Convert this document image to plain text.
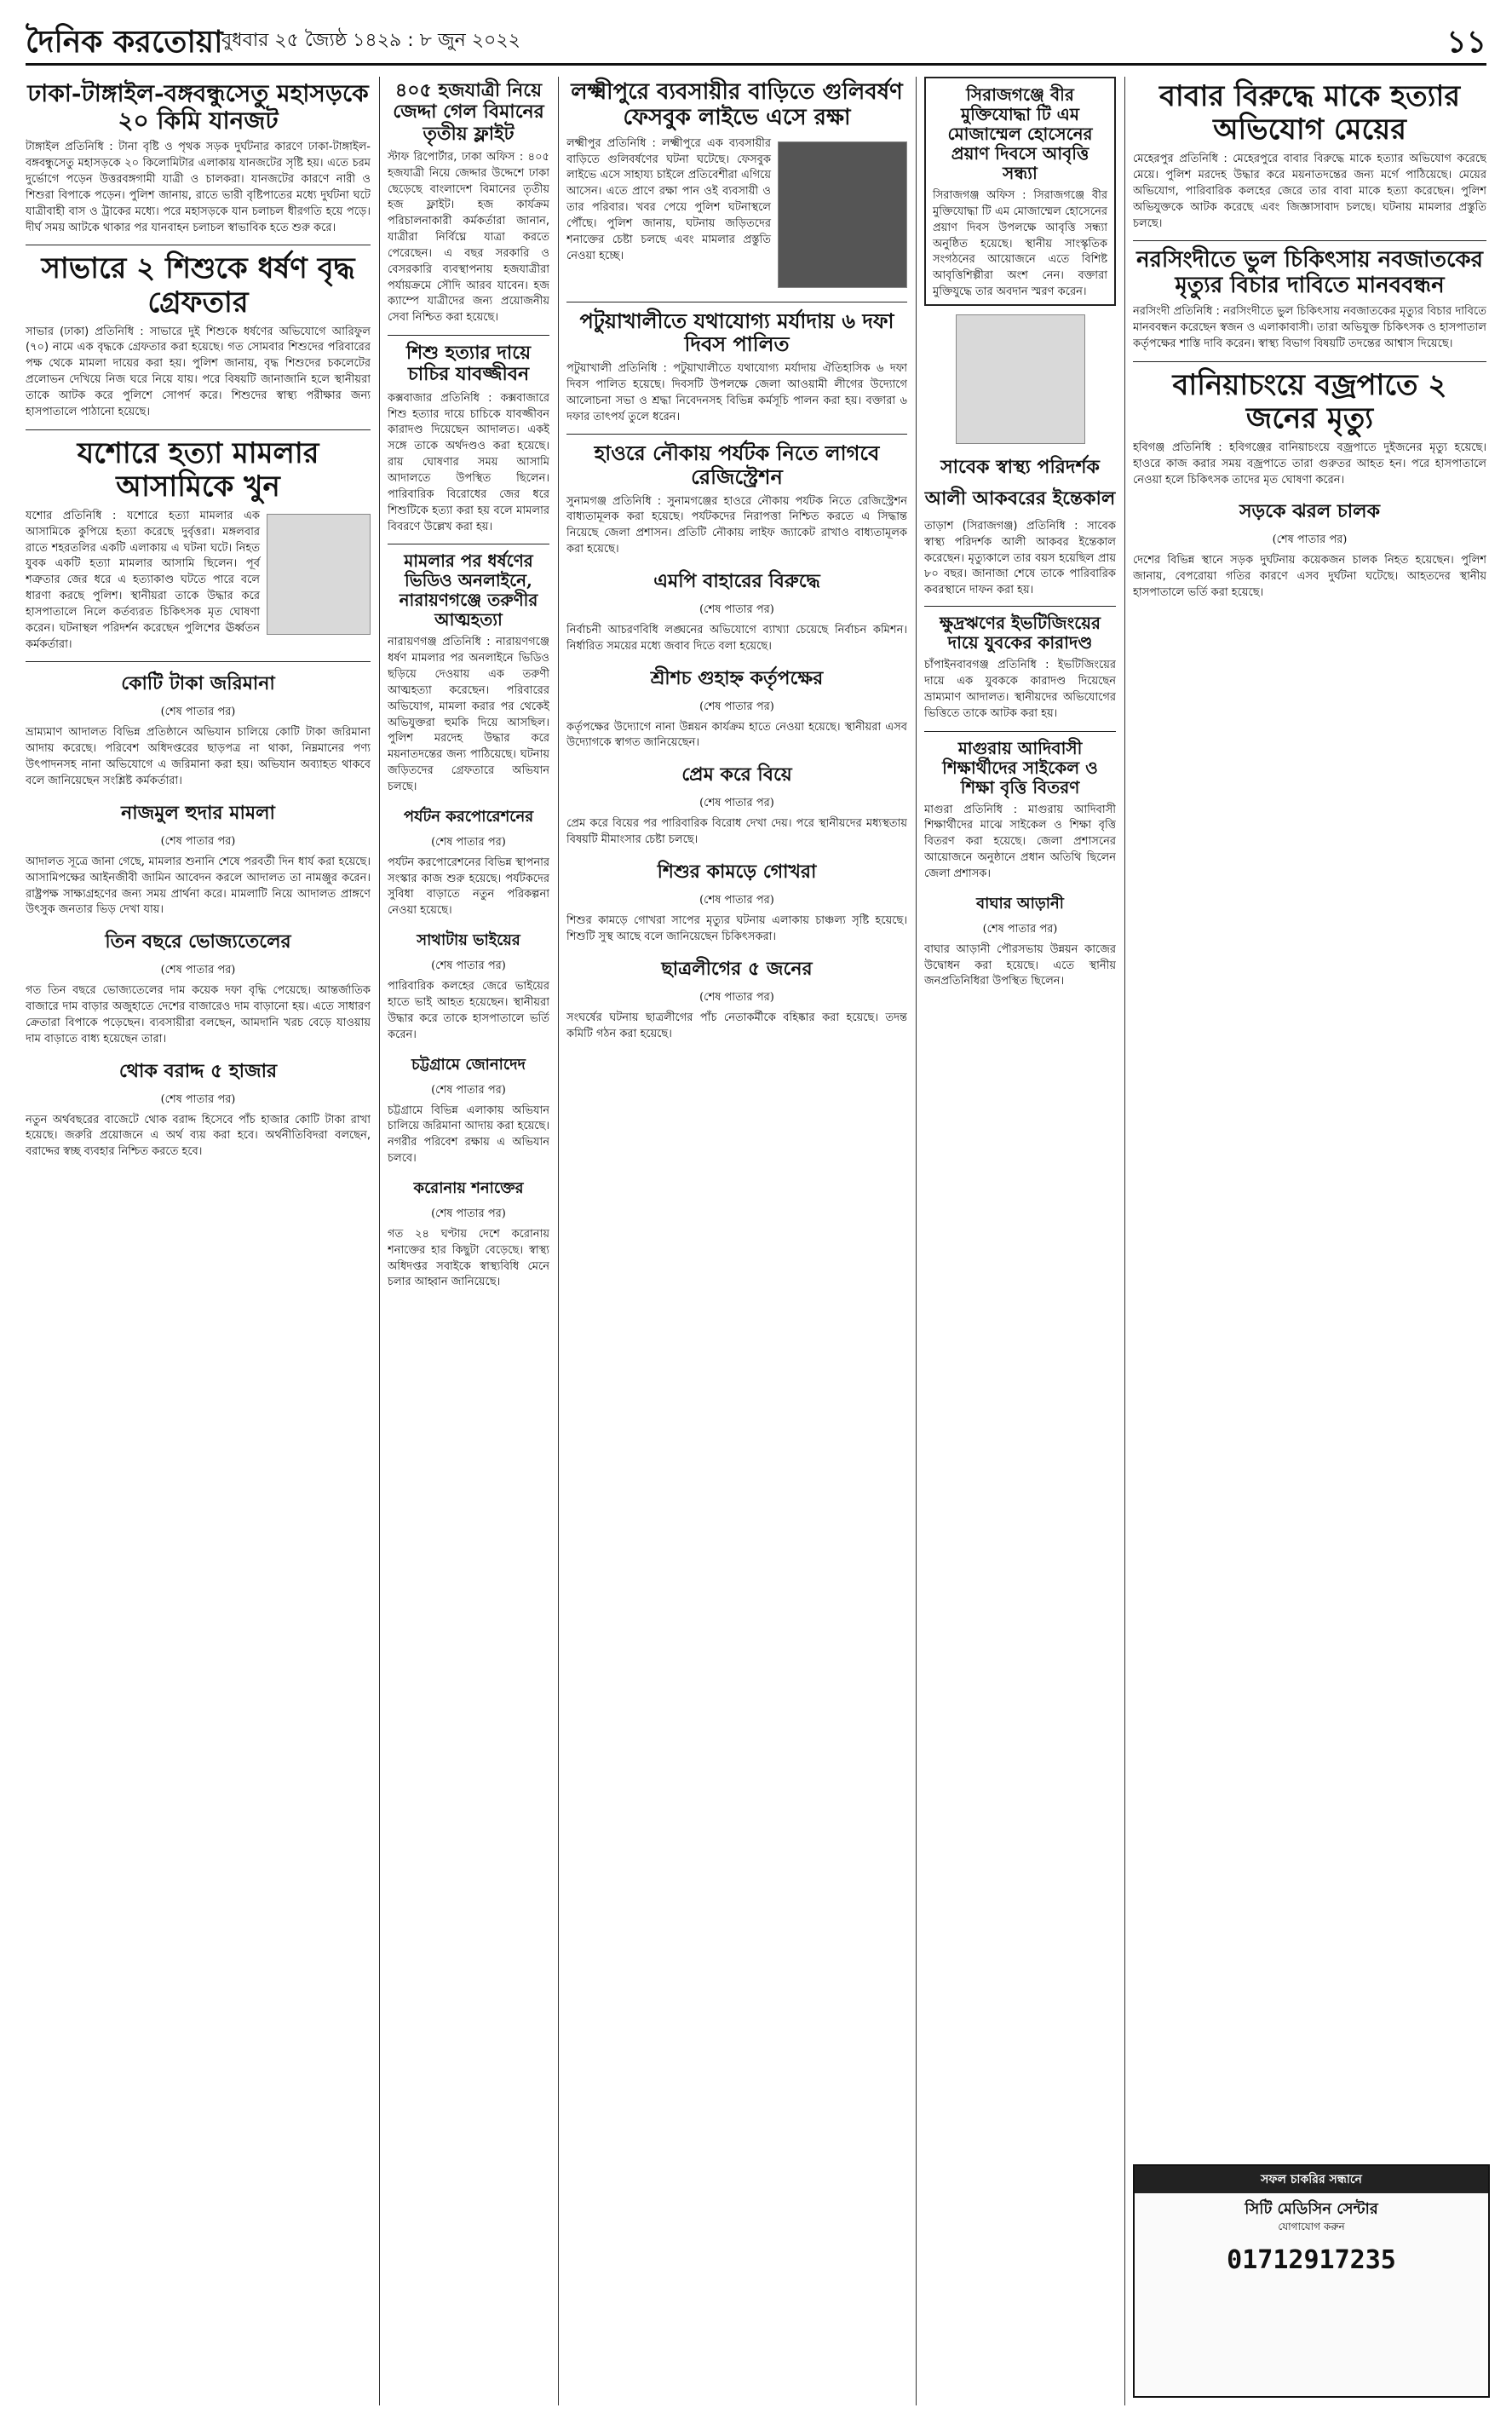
দৈনিক করতোয়া
বুধবার ২৫ জ্যৈষ্ঠ ১৪২৯ : ৮ জুন ২০২২	১১
ঢাকা-টাঙ্গাইল-বঙ্গবন্ধুসেতু মহাসড়কে ২০ কিমি যানজট
টাঙ্গাইল প্রতিনিধি : টানা বৃষ্টি ও পৃথক সড়ক দুর্ঘটনার কারণে ঢাকা-টাঙ্গাইল-বঙ্গবন্ধুসেতু মহাসড়কে ২০ কিলোমিটার এলাকায় যানজটের সৃষ্টি হয়। এতে চরম দুর্ভোগে পড়েন উত্তরবঙ্গগামী যাত্রী ও চালকরা। যানজটের কারণে নারী ও শিশুরা বিপাকে পড়েন। পুলিশ জানায়, রাতে ভারী বৃষ্টিপাতের মধ্যে দুর্ঘটনা ঘটে যাত্রীবাহী বাস ও ট্রাকের মধ্যে। পরে মহাসড়কে যান চলাচল ধীরগতি হয়ে পড়ে। দীর্ঘ সময় আটকে থাকার পর যানবাহন চলাচল স্বাভাবিক হতে শুরু করে।
সাভারে ২ শিশুকে ধর্ষণ বৃদ্ধ গ্রেফতার
সাভার (ঢাকা) প্রতিনিধি : সাভারে দুই শিশুকে ধর্ষণের অভিযোগে আরিফুল (৭০) নামে এক বৃদ্ধকে গ্রেফতার করা হয়েছে। গত সোমবার শিশুদের পরিবারের পক্ষ থেকে মামলা দায়ের করা হয়। পুলিশ জানায়, বৃদ্ধ শিশুদের চকলেটের প্রলোভন দেখিয়ে নিজ ঘরে নিয়ে যায়। পরে বিষয়টি জানাজানি হলে স্থানীয়রা তাকে আটক করে পুলিশে সোপর্দ করে। শিশুদের স্বাস্থ্য পরীক্ষার জন্য হাসপাতালে পাঠানো হয়েছে।
যশোরে হত্যা মামলার আসামিকে খুন
যশোর প্রতিনিধি : যশোরে হত্যা মামলার এক আসামিকে কুপিয়ে হত্যা করেছে দুর্বৃত্তরা। মঙ্গলবার রাতে শহরতলির একটি এলাকায় এ ঘটনা ঘটে। নিহত যুবক একটি হত্যা মামলার আসামি ছিলেন। পূর্ব শত্রুতার জের ধরে এ হত্যাকাণ্ড ঘটতে পারে বলে ধারণা করছে পুলিশ। স্থানীয়রা তাকে উদ্ধার করে হাসপাতালে নিলে কর্তব্যরত চিকিৎসক মৃত ঘোষণা করেন। ঘটনাস্থল পরিদর্শন করেছেন পুলিশের ঊর্ধ্বতন কর্মকর্তারা।
কোটি টাকা জরিমানা
(শেষ পাতার পর)
ভ্রাম্যমাণ আদালত বিভিন্ন প্রতিষ্ঠানে অভিযান চালিয়ে কোটি টাকা জরিমানা আদায় করেছে। পরিবেশ অধিদপ্তরের ছাড়পত্র না থাকা, নিম্নমানের পণ্য উৎপাদনসহ নানা অভিযোগে এ জরিমানা করা হয়। অভিযান অব্যাহত থাকবে বলে জানিয়েছেন সংশ্লিষ্ট কর্মকর্তারা।
নাজমুল হুদার মামলা
(শেষ পাতার পর)
আদালত সূত্রে জানা গেছে, মামলার শুনানি শেষে পরবর্তী দিন ধার্য করা হয়েছে। আসামিপক্ষের আইনজীবী জামিন আবেদন করলে আদালত তা নামঞ্জুর করেন। রাষ্ট্রপক্ষ সাক্ষ্যগ্রহণের জন্য সময় প্রার্থনা করে। মামলাটি নিয়ে আদালত প্রাঙ্গণে উৎসুক জনতার ভিড় দেখা যায়।
তিন বছরে ভোজ্যতেলের
(শেষ পাতার পর)
গত তিন বছরে ভোজ্যতেলের দাম কয়েক দফা বৃদ্ধি পেয়েছে। আন্তর্জাতিক বাজারে দাম বাড়ার অজুহাতে দেশের বাজারেও দাম বাড়ানো হয়। এতে সাধারণ ক্রেতারা বিপাকে পড়েছেন। ব্যবসায়ীরা বলছেন, আমদানি খরচ বেড়ে যাওয়ায় দাম বাড়াতে বাধ্য হয়েছেন তারা।
থোক বরাদ্দ ৫ হাজার
(শেষ পাতার পর)
নতুন অর্থবছরের বাজেটে থোক বরাদ্দ হিসেবে পাঁচ হাজার কোটি টাকা রাখা হয়েছে। জরুরি প্রয়োজনে এ অর্থ ব্যয় করা হবে। অর্থনীতিবিদরা বলছেন, বরাদ্দের স্বচ্ছ ব্যবহার নিশ্চিত করতে হবে।
৪০৫ হজযাত্রী নিয়ে জেদ্দা গেল বিমানের তৃতীয় ফ্লাইট
স্টাফ রিপোর্টার, ঢাকা অফিস : ৪০৫ হজযাত্রী নিয়ে জেদ্দার উদ্দেশে ঢাকা ছেড়েছে বাংলাদেশ বিমানের তৃতীয় হজ ফ্লাইট। হজ কার্যক্রম পরিচালনাকারী কর্মকর্তারা জানান, যাত্রীরা নির্বিঘ্নে যাত্রা করতে পেরেছেন। এ বছর সরকারি ও বেসরকারি ব্যবস্থাপনায় হজযাত্রীরা পর্যায়ক্রমে সৌদি আরব যাবেন। হজ ক্যাম্পে যাত্রীদের জন্য প্রয়োজনীয় সেবা নিশ্চিত করা হয়েছে।
শিশু হত্যার দায়ে চাচির যাবজ্জীবন
কক্সবাজার প্রতিনিধি : কক্সবাজারে শিশু হত্যার দায়ে চাচিকে যাবজ্জীবন কারাদণ্ড দিয়েছেন আদালত। একই সঙ্গে তাকে অর্থদণ্ডও করা হয়েছে। রায় ঘোষণার সময় আসামি আদালতে উপস্থিত ছিলেন। পারিবারিক বিরোধের জের ধরে শিশুটিকে হত্যা করা হয় বলে মামলার বিবরণে উল্লেখ করা হয়।
মামলার পর ধর্ষণের ভিডিও অনলাইনে, নারায়ণগঞ্জে তরুণীর আত্মহত্যা
নারায়ণগঞ্জ প্রতিনিধি : নারায়ণগঞ্জে ধর্ষণ মামলার পর অনলাইনে ভিডিও ছড়িয়ে দেওয়ায় এক তরুণী আত্মহত্যা করেছেন। পরিবারের অভিযোগ, মামলা করার পর থেকেই অভিযুক্তরা হুমকি দিয়ে আসছিল। পুলিশ মরদেহ উদ্ধার করে ময়নাতদন্তের জন্য পাঠিয়েছে। ঘটনায় জড়িতদের গ্রেফতারে অভিযান চলছে।
পর্যটন করপোরেশনের
(শেষ পাতার পর)
পর্যটন করপোরেশনের বিভিন্ন স্থাপনার সংস্কার কাজ শুরু হয়েছে। পর্যটকদের সুবিধা বাড়াতে নতুন পরিকল্পনা নেওয়া হয়েছে।
সাথাটায় ভাইয়ের
(শেষ পাতার পর)
পারিবারিক কলহের জেরে ভাইয়ের হাতে ভাই আহত হয়েছেন। স্থানীয়রা উদ্ধার করে তাকে হাসপাতালে ভর্তি করেন।
চট্টগ্রামে জোনাদেদ
(শেষ পাতার পর)
চট্টগ্রামে বিভিন্ন এলাকায় অভিযান চালিয়ে জরিমানা আদায় করা হয়েছে। নগরীর পরিবেশ রক্ষায় এ অভিযান চলবে।
করোনায় শনাক্তের
(শেষ পাতার পর)
গত ২৪ ঘণ্টায় দেশে করোনায় শনাক্তের হার কিছুটা বেড়েছে। স্বাস্থ্য অধিদপ্তর সবাইকে স্বাস্থ্যবিধি মেনে চলার আহ্বান জানিয়েছে।
লক্ষ্মীপুরে ব্যবসায়ীর বাড়িতে গুলিবর্ষণ ফেসবুক লাইভে এসে রক্ষা
লক্ষ্মীপুর প্রতিনিধি : লক্ষ্মীপুরে এক ব্যবসায়ীর বাড়িতে গুলিবর্ষণের ঘটনা ঘটেছে। ফেসবুক লাইভে এসে সাহায্য চাইলে প্রতিবেশীরা এগিয়ে আসেন। এতে প্রাণে রক্ষা পান ওই ব্যবসায়ী ও তার পরিবার। খবর পেয়ে পুলিশ ঘটনাস্থলে পৌঁছে। পুলিশ জানায়, ঘটনায় জড়িতদের শনাক্তের চেষ্টা চলছে এবং মামলার প্রস্তুতি নেওয়া হচ্ছে।
পটুয়াখালীতে যথাযোগ্য মর্যাদায় ৬ দফা দিবস পালিত
পটুয়াখালী প্রতিনিধি : পটুয়াখালীতে যথাযোগ্য মর্যাদায় ঐতিহাসিক ৬ দফা দিবস পালিত হয়েছে। দিবসটি উপলক্ষে জেলা আওয়ামী লীগের উদ্যোগে আলোচনা সভা ও শ্রদ্ধা নিবেদনসহ বিভিন্ন কর্মসূচি পালন করা হয়। বক্তারা ৬ দফার তাৎপর্য তুলে ধরেন।
হাওরে নৌকায় পর্যটক নিতে লাগবে রেজিস্ট্রেশন
সুনামগঞ্জ প্রতিনিধি : সুনামগঞ্জের হাওরে নৌকায় পর্যটক নিতে রেজিস্ট্রেশন বাধ্যতামূলক করা হয়েছে। পর্যটকদের নিরাপত্তা নিশ্চিত করতে এ সিদ্ধান্ত নিয়েছে জেলা প্রশাসন। প্রতিটি নৌকায় লাইফ জ্যাকেট রাখাও বাধ্যতামূলক করা হয়েছে।
এমপি বাহারের বিরুদ্ধে
(শেষ পাতার পর)
নির্বাচনী আচরণবিধি লঙ্ঘনের অভিযোগে ব্যাখ্যা চেয়েছে নির্বাচন কমিশন। নির্ধারিত সময়ের মধ্যে জবাব দিতে বলা হয়েছে।
শ্রীশচ গুহাহ্ন কর্তৃপক্ষের
(শেষ পাতার পর)
কর্তৃপক্ষের উদ্যোগে নানা উন্নয়ন কার্যক্রম হাতে নেওয়া হয়েছে। স্থানীয়রা এসব উদ্যোগকে স্বাগত জানিয়েছেন।
প্রেম করে বিয়ে
(শেষ পাতার পর)
প্রেম করে বিয়ের পর পারিবারিক বিরোধ দেখা দেয়। পরে স্থানীয়দের মধ্যস্থতায় বিষয়টি মীমাংসার চেষ্টা চলছে।
শিশুর কামড়ে গোখরা
(শেষ পাতার পর)
শিশুর কামড়ে গোখরা সাপের মৃত্যুর ঘটনায় এলাকায় চাঞ্চল্য সৃষ্টি হয়েছে। শিশুটি সুস্থ আছে বলে জানিয়েছেন চিকিৎসকরা।
ছাত্রলীগের ৫ জনের
(শেষ পাতার পর)
সংঘর্ষের ঘটনায় ছাত্রলীগের পাঁচ নেতাকর্মীকে বহিষ্কার করা হয়েছে। তদন্ত কমিটি গঠন করা হয়েছে।
সিরাজগঞ্জে বীর মুক্তিযোদ্ধা টি এম মোজাম্মেল হোসেনের প্রয়াণ দিবসে আবৃত্তি সন্ধ্যা
সিরাজগঞ্জ অফিস : সিরাজগঞ্জে বীর মুক্তিযোদ্ধা টি এম মোজাম্মেল হোসেনের প্রয়াণ দিবস উপলক্ষে আবৃত্তি সন্ধ্যা অনুষ্ঠিত হয়েছে। স্থানীয় সাংস্কৃতিক সংগঠনের আয়োজনে এতে বিশিষ্ট আবৃত্তিশিল্পীরা অংশ নেন। বক্তারা মুক্তিযুদ্ধে তার অবদান স্মরণ করেন।
সাবেক স্বাস্থ্য পরিদর্শক আলী আকবরের ইন্তেকাল
তাড়াশ (সিরাজগঞ্জ) প্রতিনিধি : সাবেক স্বাস্থ্য পরিদর্শক আলী আকবর ইন্তেকাল করেছেন। মৃত্যুকালে তার বয়স হয়েছিল প্রায় ৮০ বছর। জানাজা শেষে তাকে পারিবারিক কবরস্থানে দাফন করা হয়।
ক্ষুদ্রঋণের ইভটিজিংয়ের দায়ে যুবকের কারাদণ্ড
চাঁপাইনবাবগঞ্জ প্রতিনিধি : ইভটিজিংয়ের দায়ে এক যুবককে কারাদণ্ড দিয়েছেন ভ্রাম্যমাণ আদালত। স্থানীয়দের অভিযোগের ভিত্তিতে তাকে আটক করা হয়।
মাগুরায় আদিবাসী শিক্ষার্থীদের সাইকেল ও শিক্ষা বৃত্তি বিতরণ
মাগুরা প্রতিনিধি : মাগুরায় আদিবাসী শিক্ষার্থীদের মাঝে সাইকেল ও শিক্ষা বৃত্তি বিতরণ করা হয়েছে। জেলা প্রশাসনের আয়োজনে অনুষ্ঠানে প্রধান অতিথি ছিলেন জেলা প্রশাসক।
বাঘার আড়ানী
(শেষ পাতার পর)
বাঘার আড়ানী পৌরসভায় উন্নয়ন কাজের উদ্বোধন করা হয়েছে। এতে স্থানীয় জনপ্রতিনিধিরা উপস্থিত ছিলেন।
বাবার বিরুদ্ধে মাকে হত্যার অভিযোগ মেয়ের
মেহেরপুর প্রতিনিধি : মেহেরপুরে বাবার বিরুদ্ধে মাকে হত্যার অভিযোগ করেছে মেয়ে। পুলিশ মরদেহ উদ্ধার করে ময়নাতদন্তের জন্য মর্গে পাঠিয়েছে। মেয়ের অভিযোগ, পারিবারিক কলহের জেরে তার বাবা মাকে হত্যা করেছেন। পুলিশ অভিযুক্তকে আটক করেছে এবং জিজ্ঞাসাবাদ চলছে। ঘটনায় মামলার প্রস্তুতি চলছে।
নরসিংদীতে ভুল চিকিৎসায় নবজাতকের মৃত্যুর বিচার দাবিতে মানববন্ধন
নরসিংদী প্রতিনিধি : নরসিংদীতে ভুল চিকিৎসায় নবজাতকের মৃত্যুর বিচার দাবিতে মানববন্ধন করেছেন স্বজন ও এলাকাবাসী। তারা অভিযুক্ত চিকিৎসক ও হাসপাতাল কর্তৃপক্ষের শাস্তি দাবি করেন। স্বাস্থ্য বিভাগ বিষয়টি তদন্তের আশ্বাস দিয়েছে।
বানিয়াচংয়ে বজ্রপাতে ২ জনের মৃত্যু
হবিগঞ্জ প্রতিনিধি : হবিগঞ্জের বানিয়াচংয়ে বজ্রপাতে দুইজনের মৃত্যু হয়েছে। হাওরে কাজ করার সময় বজ্রপাতে তারা গুরুতর আহত হন। পরে হাসপাতালে নেওয়া হলে চিকিৎসক তাদের মৃত ঘোষণা করেন।
সড়কে ঝরল চালক
(শেষ পাতার পর)
দেশের বিভিন্ন স্থানে সড়ক দুর্ঘটনায় কয়েকজন চালক নিহত হয়েছেন। পুলিশ জানায়, বেপরোয়া গতির কারণে এসব দুর্ঘটনা ঘটেছে। আহতদের স্থানীয় হাসপাতালে ভর্তি করা হয়েছে।
সফল চাকরির সন্ধানে
সিটি মেডিসিন সেন্টার
যোগাযোগ করুন
01712917235
